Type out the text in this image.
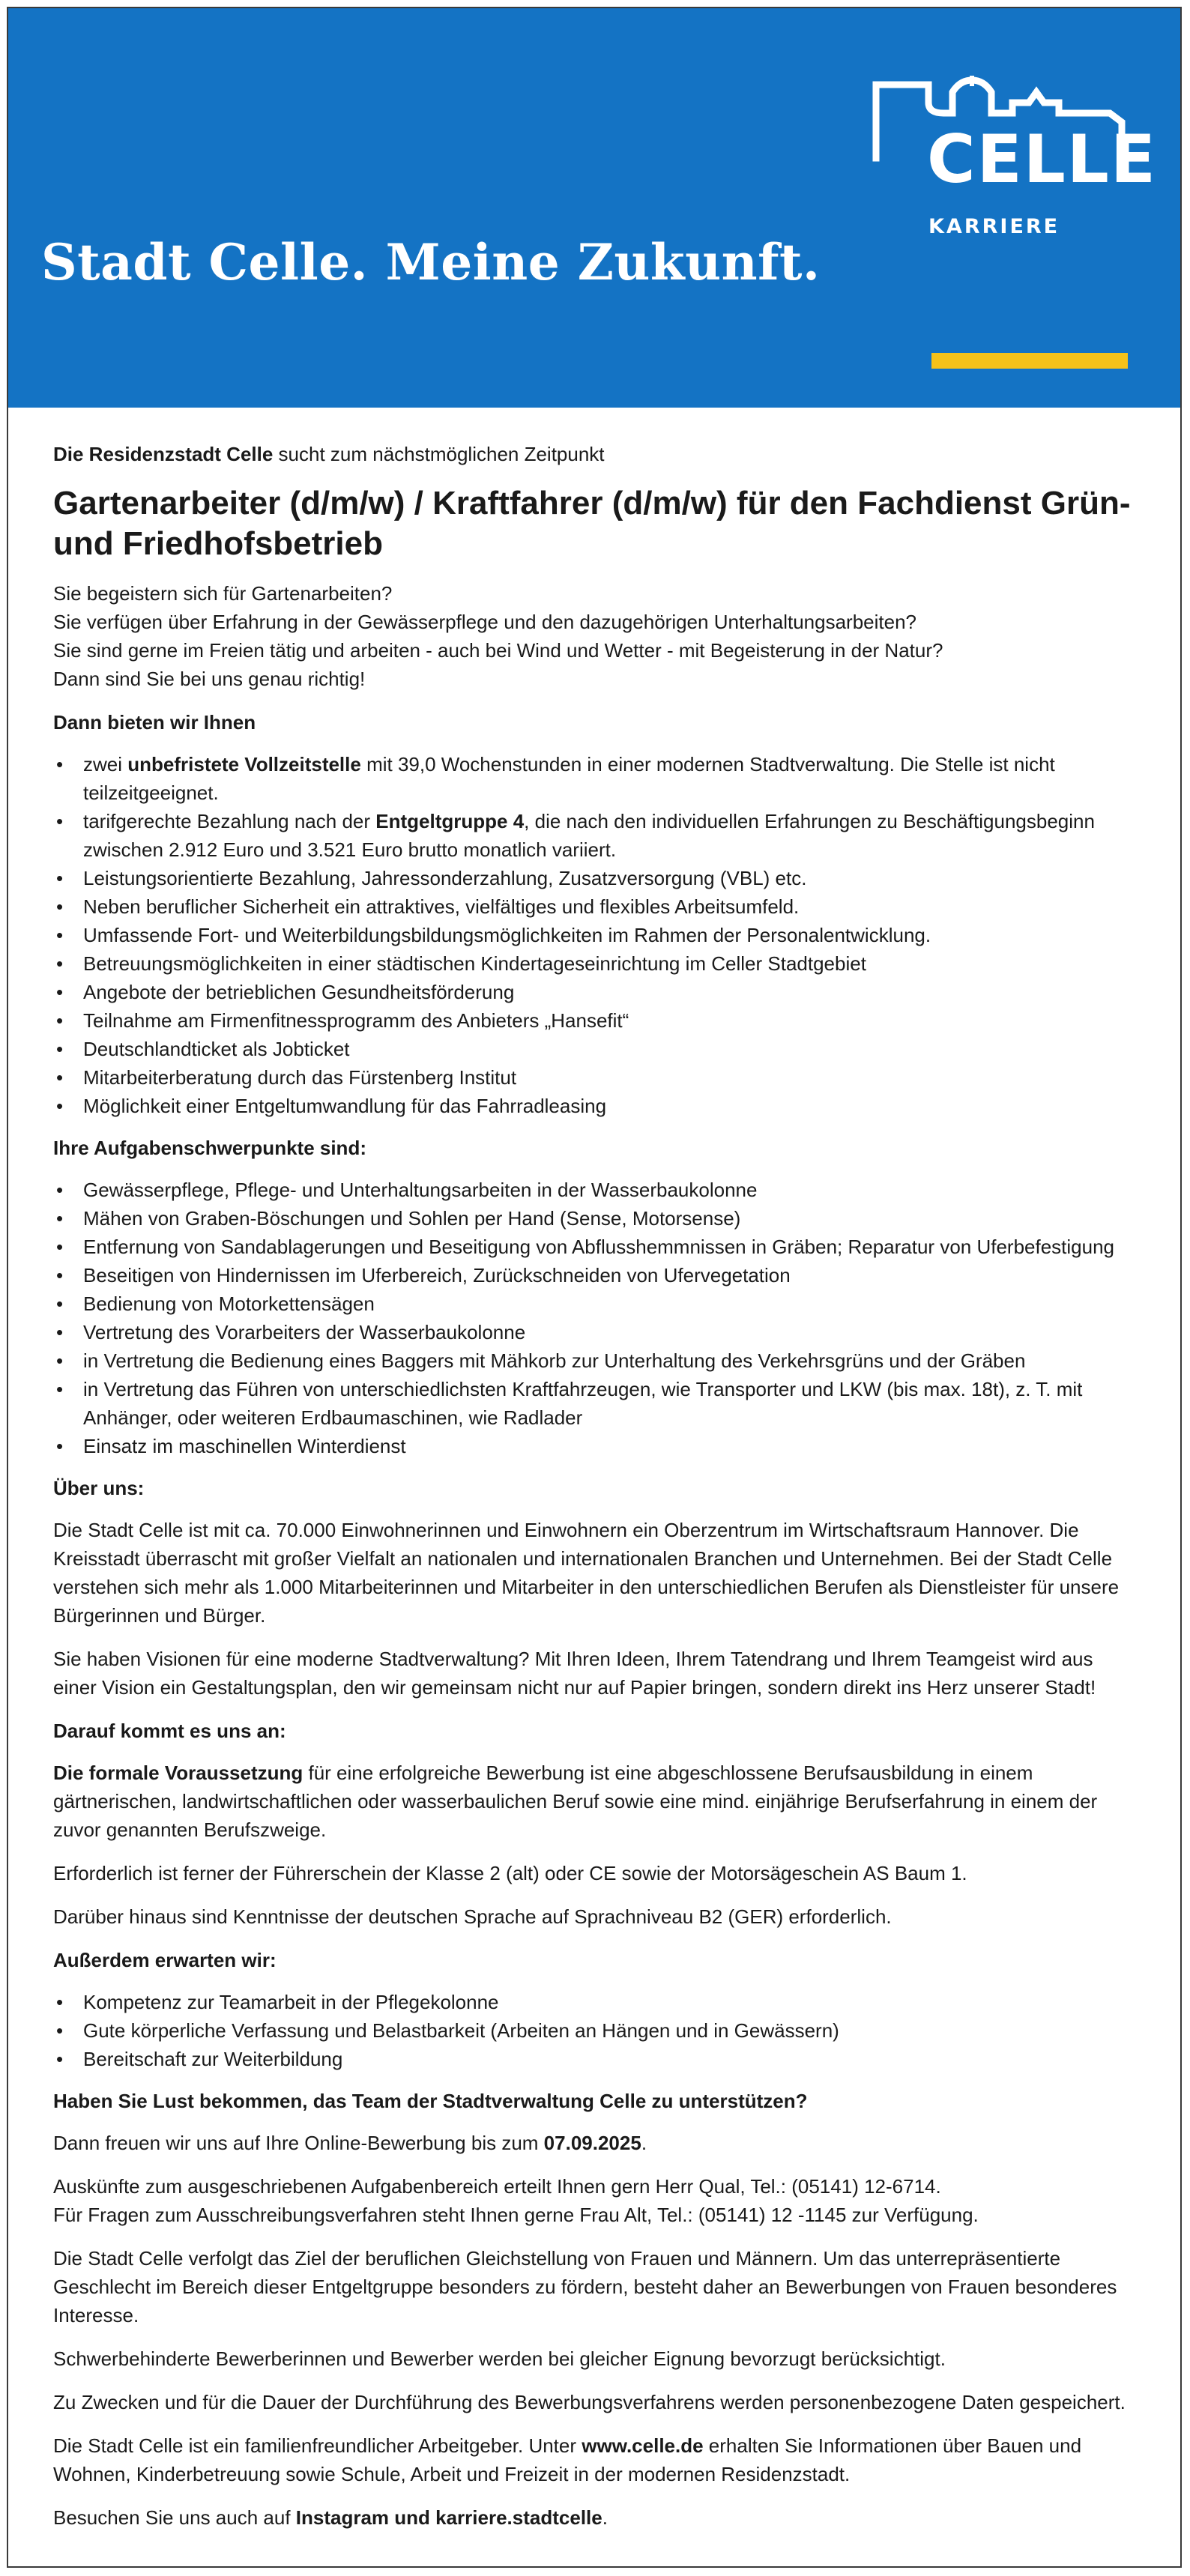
CELLE
KARRIERE
Stadt Celle. Meine Zukunft.

Die Residenzstadt Celle sucht zum nächstmöglichen Zeitpunkt

Gartenarbeiter (d/m/w) / Kraftfahrer (d/m/w) für den Fachdienst Grün- und Friedhofsbetrieb

Sie begeistern sich für Gartenarbeiten?

Sie verfügen über Erfahrung in der Gewässerpflege und den dazugehörigen Unterhaltungsarbeiten?

Sie sind gerne im Freien tätig und arbeiten - auch bei Wind und Wetter - mit Begeisterung in der Natur?

Dann sind Sie bei uns genau richtig!

Dann bieten wir Ihnen
• zwei unbefristete Vollzeitstelle mit 39,0 Wochenstunden in einer modernen Stadtverwaltung. Die Stelle ist nicht teilzeitgeeignet.
• tarifgerechte Bezahlung nach der Entgeltgruppe 4, die nach den individuellen Erfahrungen zu Beschäftigungsbeginn zwischen 2.912 Euro und 3.521 Euro brutto monatlich variiert.
• Leistungsorientierte Bezahlung, Jahressonderzahlung, Zusatzversorgung (VBL) etc.
• Neben beruflicher Sicherheit ein attraktives, vielfältiges und flexibles Arbeitsumfeld.
• Umfassende Fort- und Weiterbildungsbildungsmöglichkeiten im Rahmen der Personalentwicklung.
• Betreuungsmöglichkeiten in einer städtischen Kindertageseinrichtung im Celler Stadtgebiet
• Angebote der betrieblichen Gesundheitsförderung
• Teilnahme am Firmenfitnessprogramm des Anbieters „Hansefit“
• Deutschlandticket als Jobticket
• Mitarbeiterberatung durch das Fürstenberg Institut
• Möglichkeit einer Entgeltumwandlung für das Fahrradleasing
Ihre Aufgabenschwerpunkte sind:
• Gewässerpflege, Pflege- und Unterhaltungsarbeiten in der Wasserbaukolonne
• Mähen von Graben-Böschungen und Sohlen per Hand (Sense, Motorsense)
• Entfernung von Sandablagerungen und Beseitigung von Abflusshemmnissen in Gräben; Reparatur von Uferbefestigung
• Beseitigen von Hindernissen im Uferbereich, Zurückschneiden von Ufervegetation
• Bedienung von Motorkettensägen
• Vertretung des Vorarbeiters der Wasserbaukolonne
• in Vertretung die Bedienung eines Baggers mit Mähkorb zur Unterhaltung des Verkehrsgrüns und der Gräben
• in Vertretung das Führen von unterschiedlichsten Kraftfahrzeugen, wie Transporter und LKW (bis max. 18t), z. T. mit Anhänger, oder weiteren Erdbaumaschinen, wie Radlader
• Einsatz im maschinellen Winterdienst
Über uns:

Die Stadt Celle ist mit ca. 70.000 Einwohnerinnen und Einwohnern ein Oberzentrum im Wirtschaftsraum Hannover. Die Kreisstadt überrascht mit großer Vielfalt an nationalen und internationalen Branchen und Unternehmen. Bei der Stadt Celle verstehen sich mehr als 1.000 Mitarbeiterinnen und Mitarbeiter in den unterschiedlichen Berufen als Dienstleister für unsere Bürgerinnen und Bürger.

Sie haben Visionen für eine moderne Stadtverwaltung? Mit Ihren Ideen, Ihrem Tatendrang und Ihrem Teamgeist wird aus einer Vision ein Gestaltungsplan, den wir gemeinsam nicht nur auf Papier bringen, sondern direkt ins Herz unserer Stadt!

Darauf kommt es uns an:

Die formale Voraussetzung für eine erfolgreiche Bewerbung ist eine abgeschlossene Berufsausbildung in einem gärtnerischen, landwirtschaftlichen oder wasserbaulichen Beruf sowie eine mind. einjährige Berufserfahrung in einem der zuvor genannten Berufszweige.

Erforderlich ist ferner der Führerschein der Klasse 2 (alt) oder CE sowie der Motorsägeschein AS Baum 1.

Darüber hinaus sind Kenntnisse der deutschen Sprache auf Sprachniveau B2 (GER) erforderlich.

Außerdem erwarten wir:
• Kompetenz zur Teamarbeit in der Pflegekolonne
• Gute körperliche Verfassung und Belastbarkeit (Arbeiten an Hängen und in Gewässern)
• Bereitschaft zur Weiterbildung
Haben Sie Lust bekommen, das Team der Stadtverwaltung Celle zu unterstützen?

Dann freuen wir uns auf Ihre Online-Bewerbung bis zum 07.09.2025.

Auskünfte zum ausgeschriebenen Aufgabenbereich erteilt Ihnen gern Herr Qual, Tel.: (05141) 12-6714.
Für Fragen zum Ausschreibungsverfahren steht Ihnen gerne Frau Alt, Tel.: (05141) 12 -1145 zur Verfügung.

Die Stadt Celle verfolgt das Ziel der beruflichen Gleichstellung von Frauen und Männern. Um das unterrepräsentierte Geschlecht im Bereich dieser Entgeltgruppe besonders zu fördern, besteht daher an Bewerbungen von Frauen besonderes Interesse.

Schwerbehinderte Bewerberinnen und Bewerber werden bei gleicher Eignung bevorzugt berücksichtigt.

Zu Zwecken und für die Dauer der Durchführung des Bewerbungsverfahrens werden personenbezogene Daten gespeichert.

Die Stadt Celle ist ein familienfreundlicher Arbeitgeber. Unter www.celle.de erhalten Sie Informationen über Bauen und Wohnen, Kinderbetreuung sowie Schule, Arbeit und Freizeit in der modernen Residenzstadt.

Besuchen Sie uns auch auf Instagram und karriere.stadtcelle.
